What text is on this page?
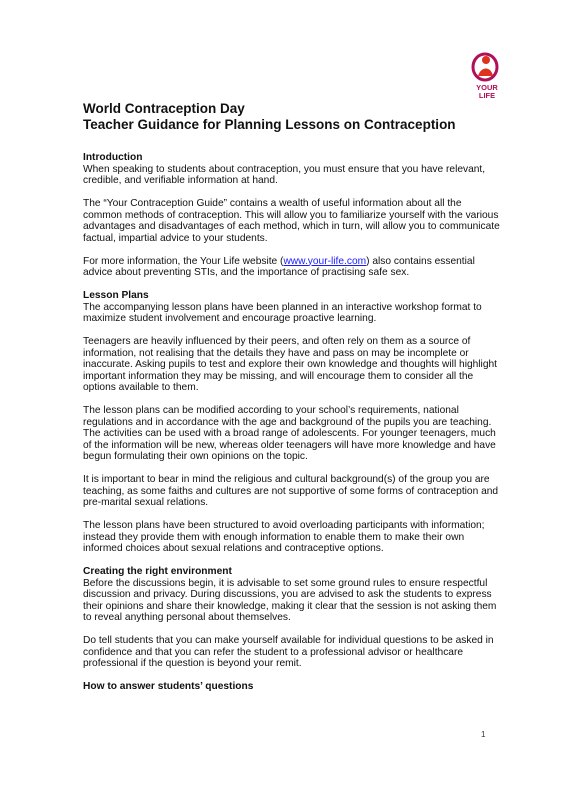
YOUR
LIFE
World Contraception Day
Teacher Guidance for Planning Lessons on Contraception
Introduction

When speaking to students about contraception, you must ensure that you have relevant, credible, and verifiable information at hand.

The “Your Contraception Guide” contains a wealth of useful information about all the common methods of contraception. This will allow you to familiarize yourself with the various advantages and disadvantages of each method, which in turn, will allow you to communicate factual, impartial advice to your students.

For more information, the Your Life website (www.your-life.com) also contains essential advice about preventing STIs, and the importance of practising safe sex.

Lesson Plans

The accompanying lesson plans have been planned in an interactive workshop format to maximize student involvement and encourage proactive learning.

Teenagers are heavily influenced by their peers, and often rely on them as a source of information, not realising that the details they have and pass on may be incomplete or inaccurate. Asking pupils to test and explore their own knowledge and thoughts will highlight important information they may be missing, and will encourage them to consider all the options available to them.

The lesson plans can be modified according to your school’s requirements, national regulations and in accordance with the age and background of the pupils you are teaching. The activities can be used with a broad range of adolescents. For younger teenagers, much of the information will be new, whereas older teenagers will have more knowledge and have begun formulating their own opinions on the topic.

It is important to bear in mind the religious and cultural background(s) of the group you are teaching, as some faiths and cultures are not supportive of some forms of contraception and pre-marital sexual relations.

The lesson plans have been structured to avoid overloading participants with information; instead they provide them with enough information to enable them to make their own informed choices about sexual relations and contraceptive options.

Creating the right environment

Before the discussions begin, it is advisable to set some ground rules to ensure respectful discussion and privacy. During discussions, you are advised to ask the students to express their opinions and share their knowledge, making it clear that the session is not asking them to reveal anything personal about themselves.

Do tell students that you can make yourself available for individual questions to be asked in confidence and that you can refer the student to a professional advisor or healthcare professional if the question is beyond your remit.

How to answer students’ questions
1
